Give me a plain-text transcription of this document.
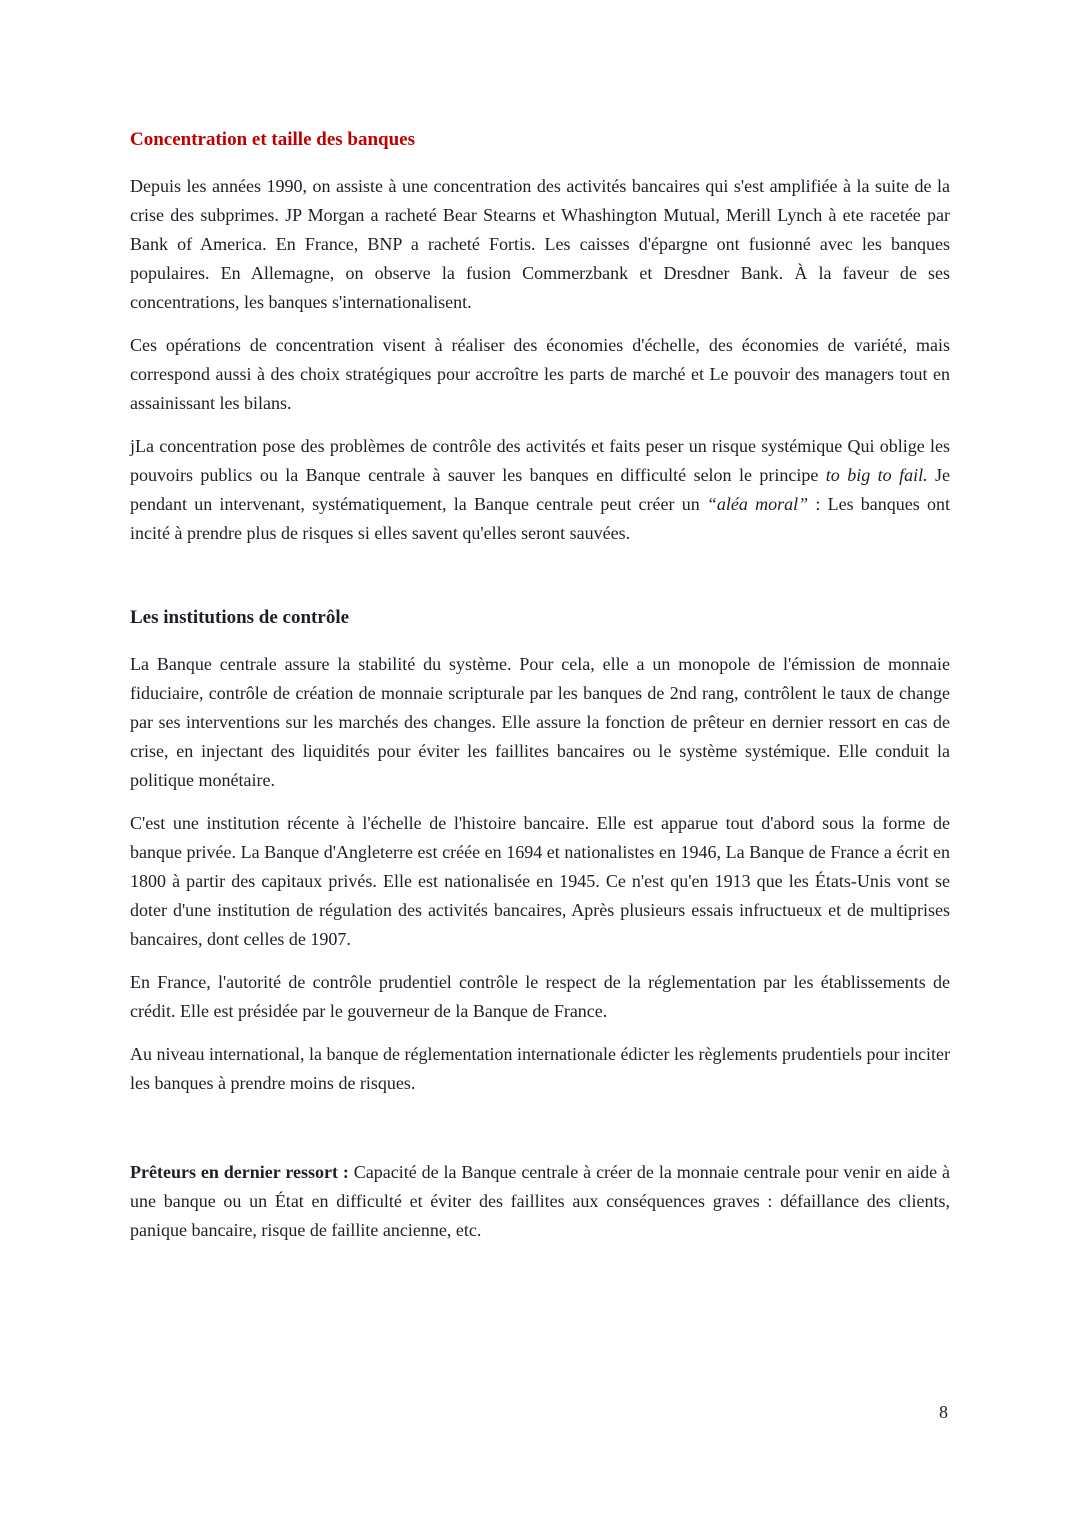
Concentration et taille des banques

Depuis les années 1990, on assiste à une concentration des activités bancaires qui s'est amplifiée à la suite de la crise des subprimes. JP Morgan a racheté Bear Stearns et Whashington Mutual, Merill Lynch à ete racetée par Bank of America. En France, BNP a racheté Fortis. Les caisses d'épargne ont fusionné avec les banques populaires. En Allemagne, on observe la fusion Commerzbank et Dresdner Bank. À la faveur de ses concentrations, les banques s'internationalisent.

Ces opérations de concentration visent à réaliser des économies d'échelle, des économies de variété, mais correspond aussi à des choix stratégiques pour accroître les parts de marché et Le pouvoir des managers tout en assainissant les bilans.

jLa concentration pose des problèmes de contrôle des activités et faits peser un risque systémique Qui oblige les pouvoirs publics ou la Banque centrale à sauver les banques en difficulté selon le principe to big to fail. Je pendant un intervenant, systématiquement, la Banque centrale peut créer un “aléa moral” : Les banques ont incité à prendre plus de risques si elles savent qu'elles seront sauvées.

Les institutions de contrôle

La Banque centrale assure la stabilité du système. Pour cela, elle a un monopole de l'émission de monnaie fiduciaire, contrôle de création de monnaie scripturale par les banques de 2nd rang, contrôlent le taux de change par ses interventions sur les marchés des changes. Elle assure la fonction de prêteur en dernier ressort en cas de crise, en injectant des liquidités pour éviter les faillites bancaires ou le système systémique. Elle conduit la politique monétaire.

C'est une institution récente à l'échelle de l'histoire bancaire. Elle est apparue tout d'abord sous la forme de banque privée. La Banque d'Angleterre est créée en 1694 et nationalistes en 1946, La Banque de France a écrit en 1800 à partir des capitaux privés. Elle est nationalisée en 1945. Ce n'est qu'en 1913 que les États-Unis vont se doter d'une institution de régulation des activités bancaires, Après plusieurs essais infructueux et de multiprises bancaires, dont celles de 1907.

En France, l'autorité de contrôle prudentiel contrôle le respect de la réglementation par les établissements de crédit. Elle est présidée par le gouverneur de la Banque de France.

Au niveau international, la banque de réglementation internationale édicter les règlements prudentiels pour inciter les banques à prendre moins de risques.

Prêteurs en dernier ressort : Capacité de la Banque centrale à créer de la monnaie centrale pour venir en aide à une banque ou un État en difficulté et éviter des faillites aux conséquences graves : défaillance des clients, panique bancaire, risque de faillite ancienne, etc.

8
